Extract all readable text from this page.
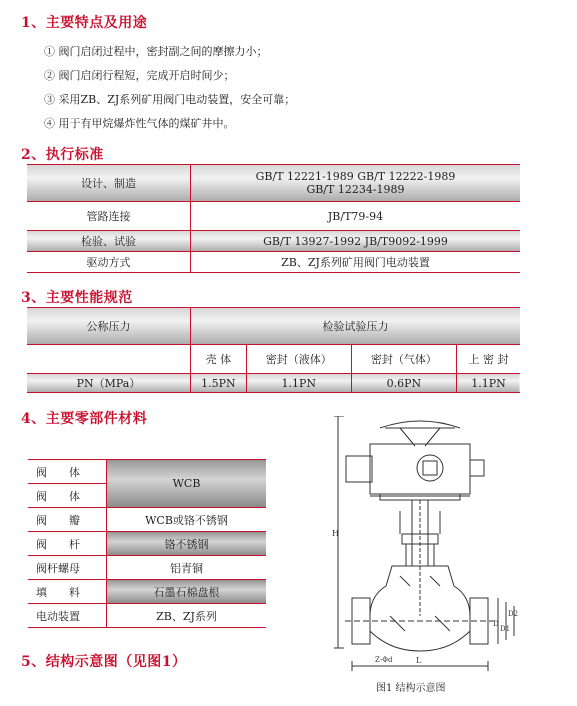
1、主要特点及用途
① 阀门启闭过程中，密封副之间的摩擦力小；
② 阀门启闭行程短，完成开启时间少；
③ 采用ZB、ZJ系列矿用阀门电动装置，安全可靠；
④ 用于有甲烷爆炸性气体的煤矿井中。
2、执行标准
设计、制造	GB/T 12221-1989 GB/T 12222-1989
GB/T 12234-1989

管路连接	JB/T79-94
检验、试验	GB/T 13927-1992 JB/T9092-1999
驱动方式	ZB、ZJ系列矿用阀门电动装置
3、主要性能规范
公称压力	检验试验压力			
	壳 体	密封（液体）	密封（气体）	上 密 封
PN（MPa）	1.5PN	1.1PN	0.6PN	1.1PN
4、主要零部件材料
阀　　体	WCB
阀　　体	
阀　　瓣	WCB或铬不锈钢
阀　　杆	铬不锈钢
阀杆螺母	铝青铜
填　　料	石墨石棉盘根
电动装置	ZB、ZJ系列
5、结构示意图（见图1）
H
L
D
D1
D2
Z-Φd
图1 结构示意图
